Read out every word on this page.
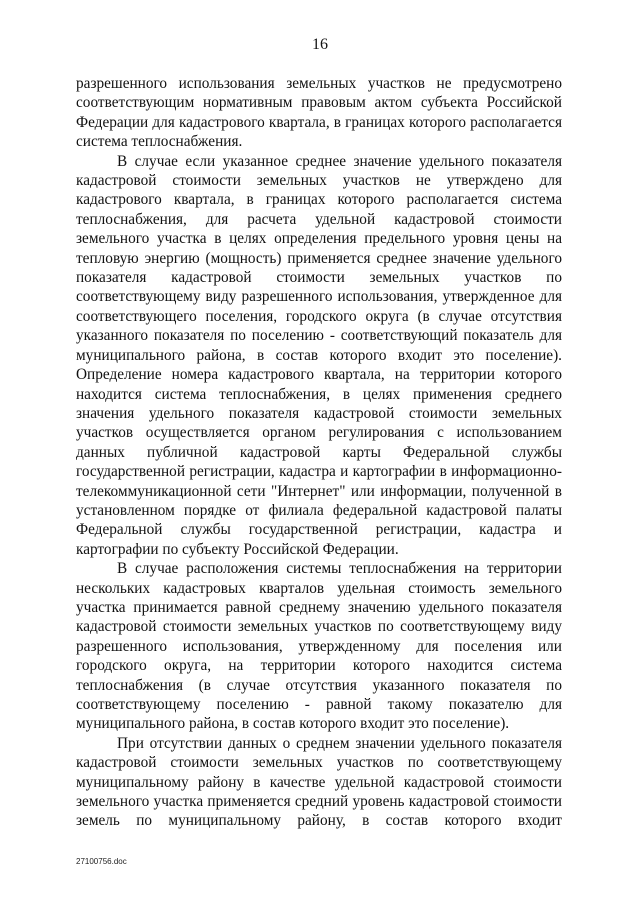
16

разрешенного использования земельных участков не предусмотрено соответствующим нормативным правовым актом субъекта Российской Федерации для кадастрового квартала, в границах которого располагается система теплоснабжения.

В случае если указанное среднее значение удельного показателя кадастровой стоимости земельных участков не утверждено для кадастрового квартала, в границах которого располагается система теплоснабжения, для расчета удельной кадастровой стоимости земельного участка в целях определения предельного уровня цены на тепловую энергию (мощность) применяется среднее значение удельного показателя кадастровой стоимости земельных участков по соответствующему виду разрешенного использования, утвержденное для соответствующего поселения, городского округа (в случае отсутствия указанного показателя по поселению - соответствующий показатель для муниципального района, в состав которого входит это поселение). Определение номера кадастрового квартала, на территории которого находится система теплоснабжения, в целях применения среднего значения удельного показателя кадастровой стоимости земельных участков осуществляется органом регулирования с использованием данных публичной кадастровой карты Федеральной службы государственной регистрации, кадастра и картографии в информационно-телекоммуникационной сети "Интернет" или информации, полученной в установленном порядке от филиала федеральной кадастровой палаты Федеральной службы государственной регистрации, кадастра и картографии по субъекту Российской Федерации.

В случае расположения системы теплоснабжения на территории нескольких кадастровых кварталов удельная стоимость земельного участка принимается равной среднему значению удельного показателя кадастровой стоимости земельных участков по соответствующему виду разрешенного использования, утвержденному для поселения или городского округа, на территории которого находится система теплоснабжения (в случае отсутствия указанного показателя по соответствующему поселению - равной такому показателю для муниципального района, в состав которого входит это поселение).

При отсутствии данных о среднем значении удельного показателя кадастровой стоимости земельных участков по соответствующему муниципальному району в качестве удельной кадастровой стоимости земельного участка применяется средний уровень кадастровой стоимости земель по муниципальному району, в состав которого входит

27100756.doc
